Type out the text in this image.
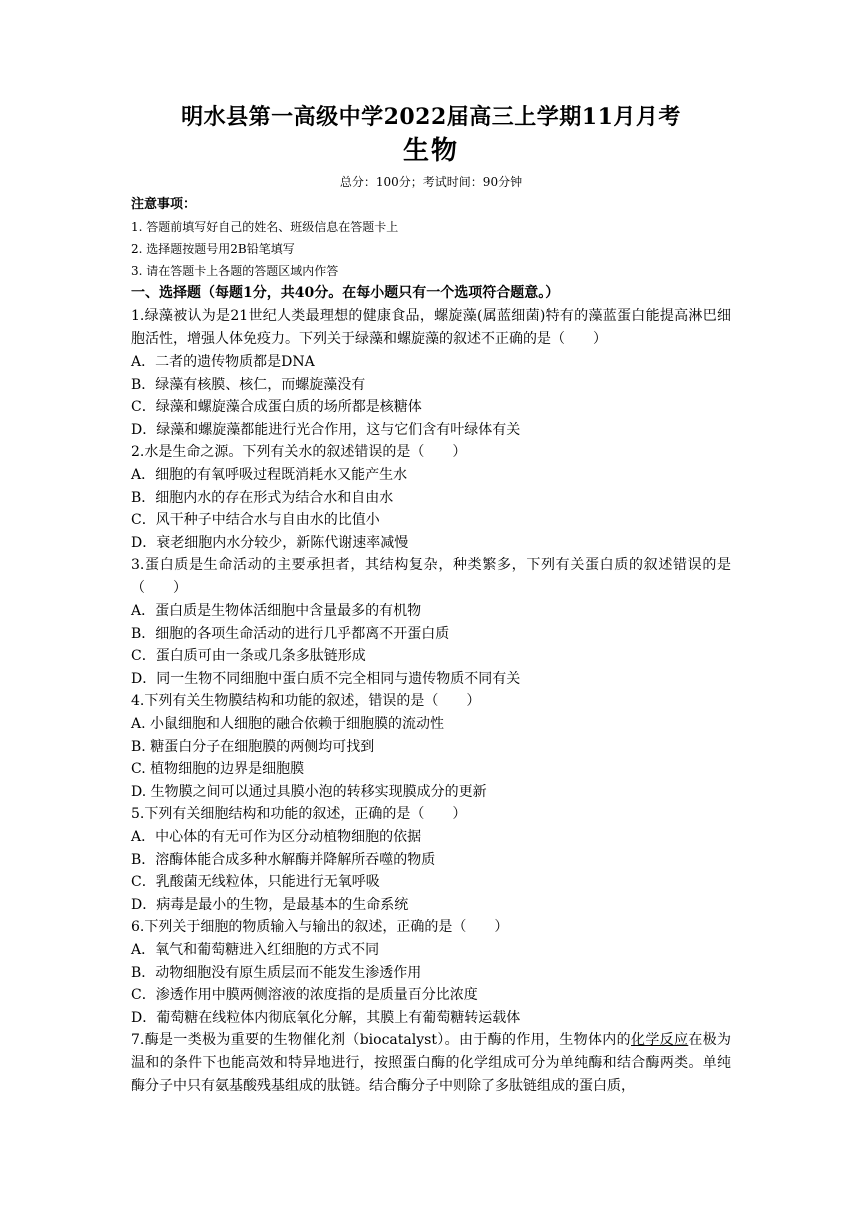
明水县第一高级中学2022届高三上学期11月月考
生物
总分：100分；考试时间：90分钟
注意事项：
1. 答题前填写好自己的姓名、班级信息在答题卡上
2. 选择题按题号用2B铅笔填写
3. 请在答题卡上各题的答题区域内作答
一、选择题（每题1分，共40分。在每小题只有一个选项符合题意。）
1.绿藻被认为是21世纪人类最理想的健康食品，螺旋藻(属蓝细菌)特有的藻蓝蛋白能提高淋巴细胞活性，增强人体免疫力。下列关于绿藻和螺旋藻的叙述不正确的是（　　）
A．二者的遗传物质都是DNA
B．绿藻有核膜、核仁，而螺旋藻没有
C．绿藻和螺旋藻合成蛋白质的场所都是核糖体
D．绿藻和螺旋藻都能进行光合作用，这与它们含有叶绿体有关
2.水是生命之源。下列有关水的叙述错误的是（　　）
A．细胞的有氧呼吸过程既消耗水又能产生水
B．细胞内水的存在形式为结合水和自由水
C．风干种子中结合水与自由水的比值小
D．衰老细胞内水分较少，新陈代谢速率减慢
3.蛋白质是生命活动的主要承担者，其结构复杂，种类繁多，下列有关蛋白质的叙述错误的是（　　）
A．蛋白质是生物体活细胞中含量最多的有机物
B．细胞的各项生命活动的进行几乎都离不开蛋白质
C．蛋白质可由一条或几条多肽链形成
D．同一生物不同细胞中蛋白质不完全相同与遗传物质不同有关
4.下列有关生物膜结构和功能的叙述，错误的是（　　）
A. 小鼠细胞和人细胞的融合依赖于细胞膜的流动性
B. 糖蛋白分子在细胞膜的两侧均可找到
C. 植物细胞的边界是细胞膜
D. 生物膜之间可以通过具膜小泡的转移实现膜成分的更新
5.下列有关细胞结构和功能的叙述，正确的是（　　）
A．中心体的有无可作为区分动植物细胞的依据
B．溶酶体能合成多种水解酶并降解所吞噬的物质
C．乳酸菌无线粒体，只能进行无氧呼吸
D．病毒是最小的生物，是最基本的生命系统
6.下列关于细胞的物质输入与输出的叙述，正确的是（　　）
A．氧气和葡萄糖进入红细胞的方式不同
B．动物细胞没有原生质层而不能发生渗透作用
C．渗透作用中膜两侧溶液的浓度指的是质量百分比浓度
D．葡萄糖在线粒体内彻底氧化分解，其膜上有葡萄糖转运载体
7.酶是一类极为重要的生物催化剂（biocatalyst）。由于酶的作用，生物体内的化学反应在极为温和的条件下也能高效和特异地进行，按照蛋白酶的化学组成可分为单纯酶和结合酶两类。单纯酶分子中只有氨基酸残基组成的肽链。结合酶分子中则除了多肽链组成的蛋白质，
